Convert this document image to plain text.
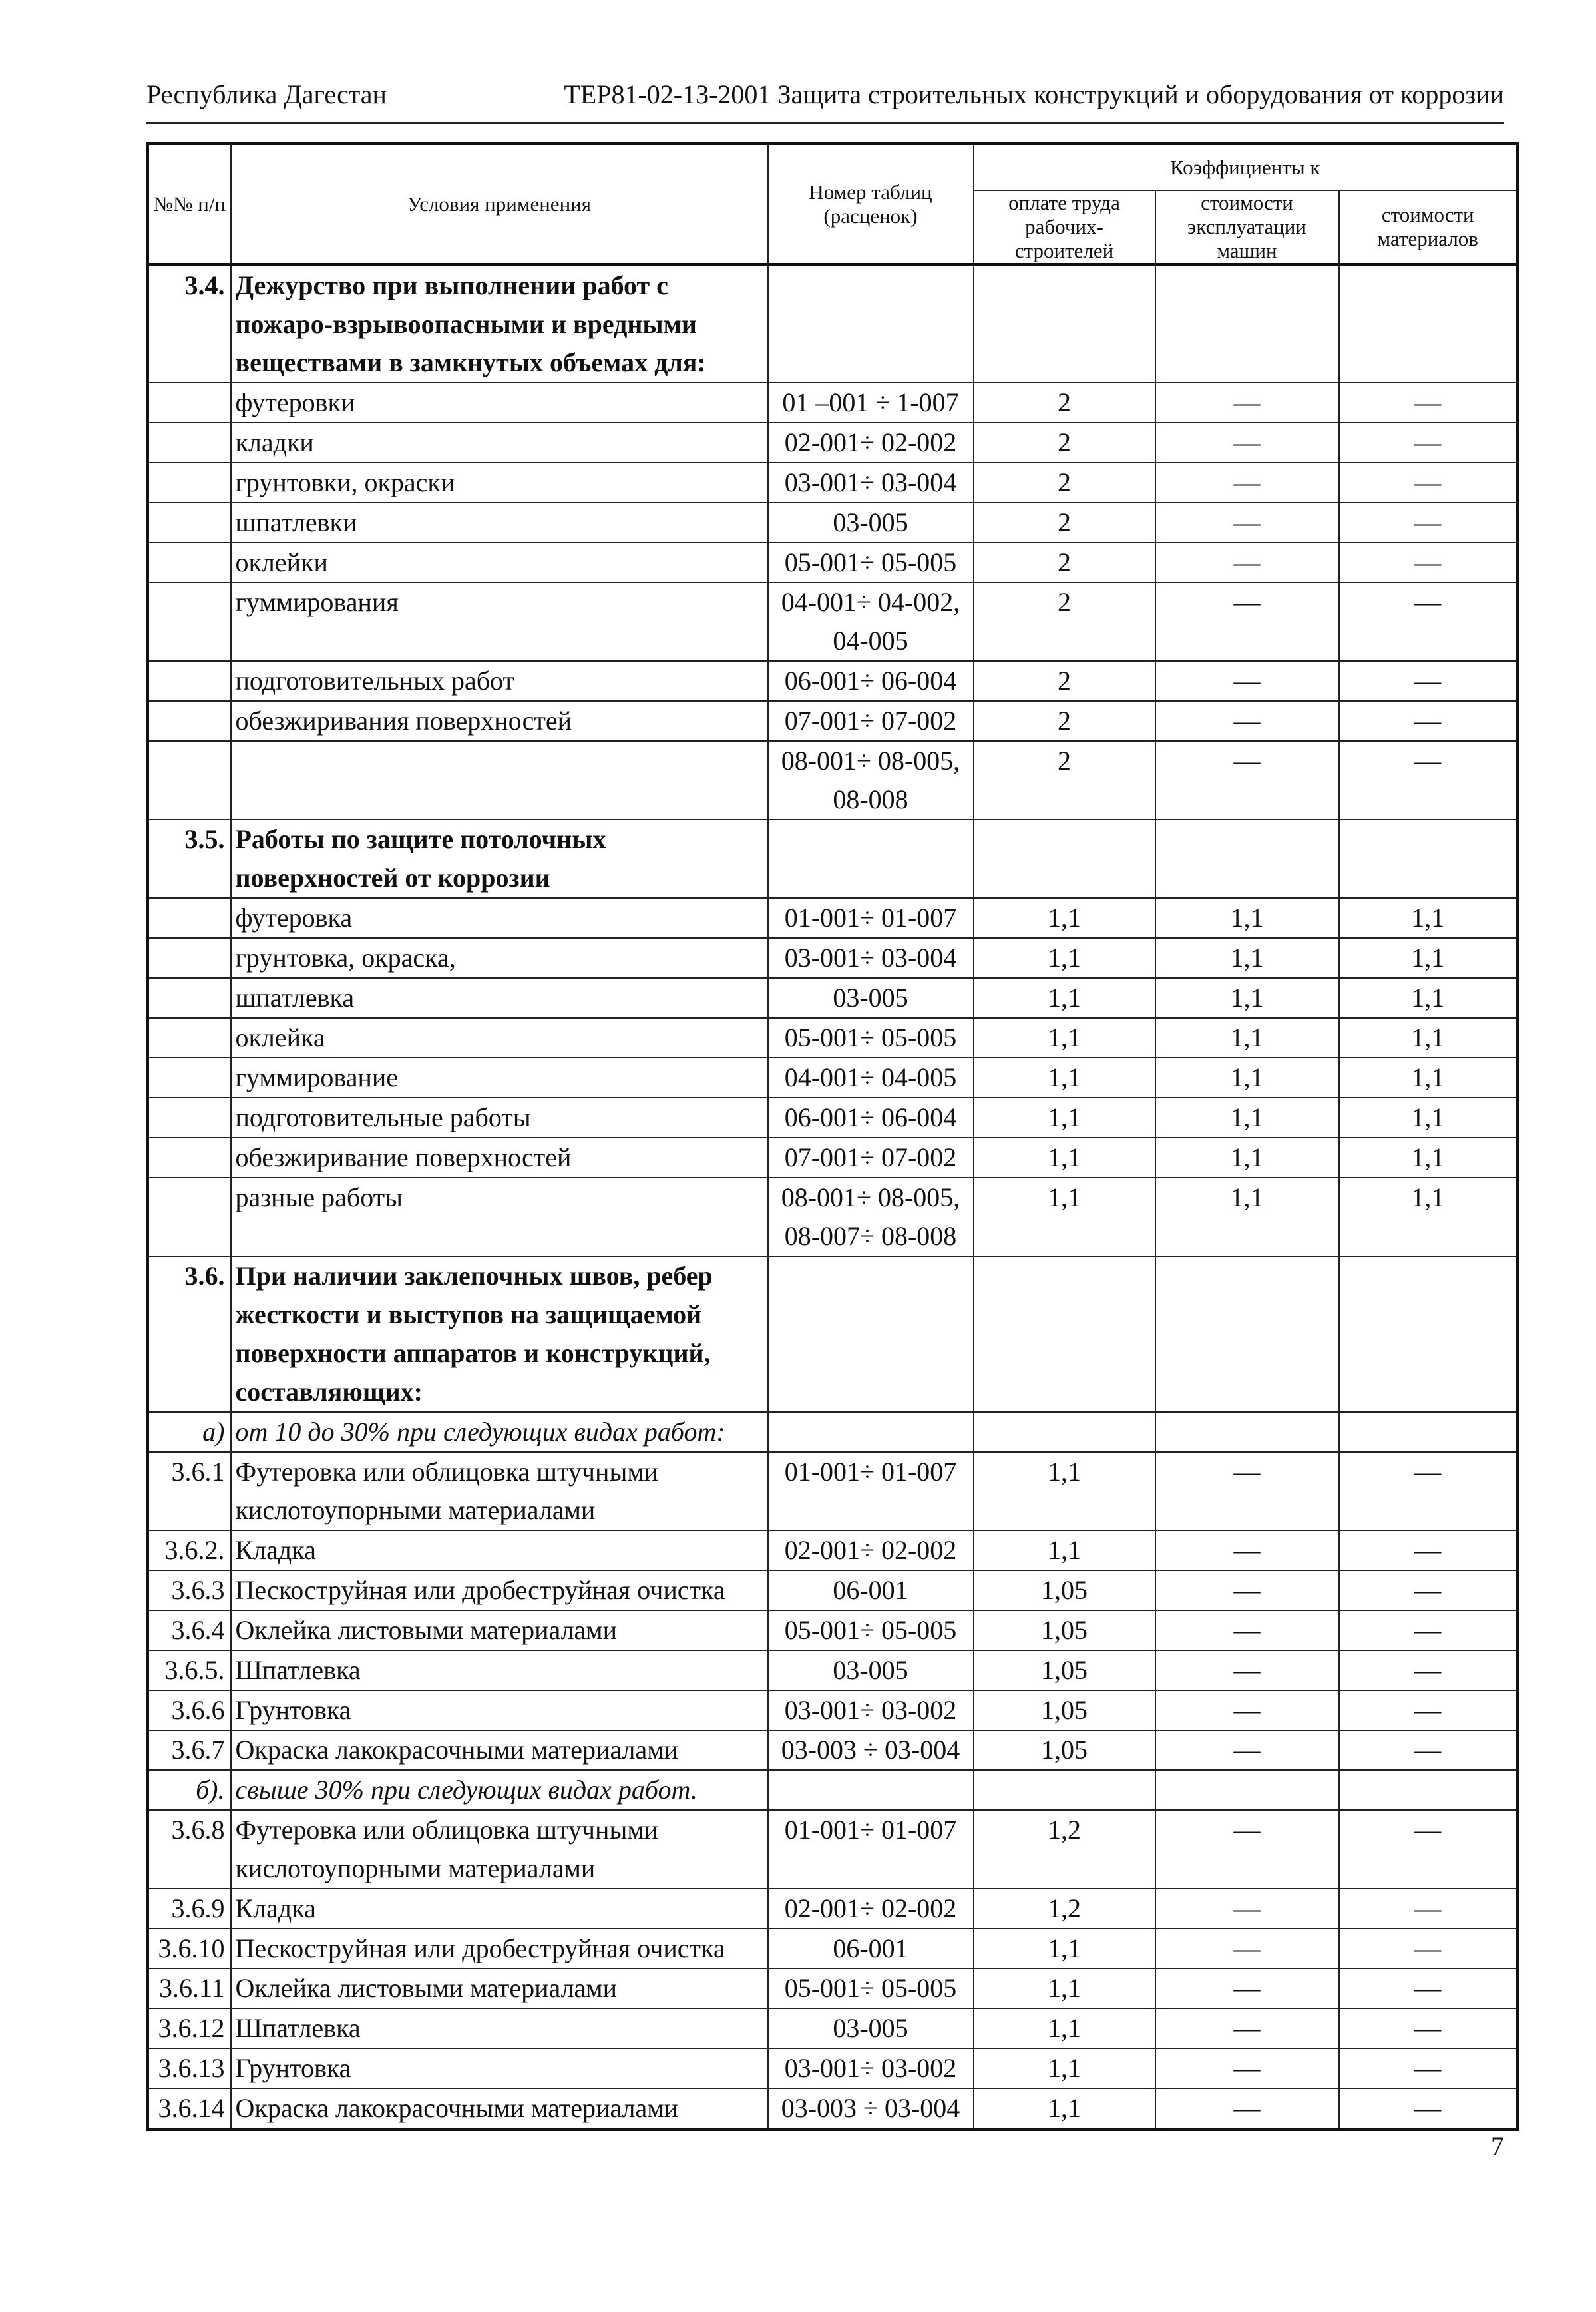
Республика Дагестан	ТЕР81-02-13-2001 Защита строительных конструкций и оборудования от коррозии
№№ п/п	Условия применения	Номер таблиц (расценок)	Коэффициенты к		
			оплате труда рабочих-строителей	стоимости эксплуатации машин	стоимости материалов
3.4.	Дежурство при выполнении работ с пожаро-взрывоопасными и вредными веществами в замкнутых объемах для:				
	футеровки	01 –001 ÷ 1-007	2	—	—
	кладки	02-001÷ 02-002	2	—	—
	грунтовки, окраски	03-001÷ 03-004	2	—	—
	шпатлевки	03-005	2	—	—
	оклейки	05-001÷ 05-005	2	—	—
	гуммирования	04-001÷ 04-002, 04-005	2	—	—
	подготовительных работ	06-001÷ 06-004	2	—	—
	обезжиривания поверхностей	07-001÷ 07-002	2	—	—
		08-001÷ 08-005, 08-008	2	—	—
3.5.	Работы по защите потолочных поверхностей от коррозии				
	футеровка	01-001÷ 01-007	1,1	1,1	1,1
	грунтовка, окраска,	03-001÷ 03-004	1,1	1,1	1,1
	шпатлевка	03-005	1,1	1,1	1,1
	оклейка	05-001÷ 05-005	1,1	1,1	1,1
	гуммирование	04-001÷ 04-005	1,1	1,1	1,1
	подготовительные работы	06-001÷ 06-004	1,1	1,1	1,1
	обезжиривание поверхностей	07-001÷ 07-002	1,1	1,1	1,1
	разные работы	08-001÷ 08-005, 08-007÷ 08-008	1,1	1,1	1,1
3.6.	При наличии заклепочных швов, ребер жесткости и выступов на защищаемой поверхности аппаратов и конструкций, составляющих:				
а)	от 10 до 30% при следующих видах работ:				
3.6.1	Футеровка или облицовка штучными кислотоупорными материалами	01-001÷ 01-007	1,1	—	—
3.6.2.	Кладка	02-001÷ 02-002	1,1	—	—
3.6.3	Пескоструйная или дробеструйная очистка	06-001	1,05	—	—
3.6.4	Оклейка листовыми материалами	05-001÷ 05-005	1,05	—	—
3.6.5.	Шпатлевка	03-005	1,05	—	—
3.6.6	Грунтовка	03-001÷ 03-002	1,05	—	—
3.6.7	Окраска лакокрасочными материалами	03-003 ÷ 03-004	1,05	—	—
б).	свыше 30% при следующих видах работ.				
3.6.8	Футеровка или облицовка штучными кислотоупорными материалами	01-001÷ 01-007	1,2	—	—
3.6.9	Кладка	02-001÷ 02-002	1,2	—	—
3.6.10	Пескоструйная или дробеструйная очистка	06-001	1,1	—	—
3.6.11	Оклейка листовыми материалами	05-001÷ 05-005	1,1	—	—
3.6.12	Шпатлевка	03-005	1,1	—	—
3.6.13	Грунтовка	03-001÷ 03-002	1,1	—	—
3.6.14	Окраска лакокрасочными материалами	03-003 ÷ 03-004	1,1	—	—
7
